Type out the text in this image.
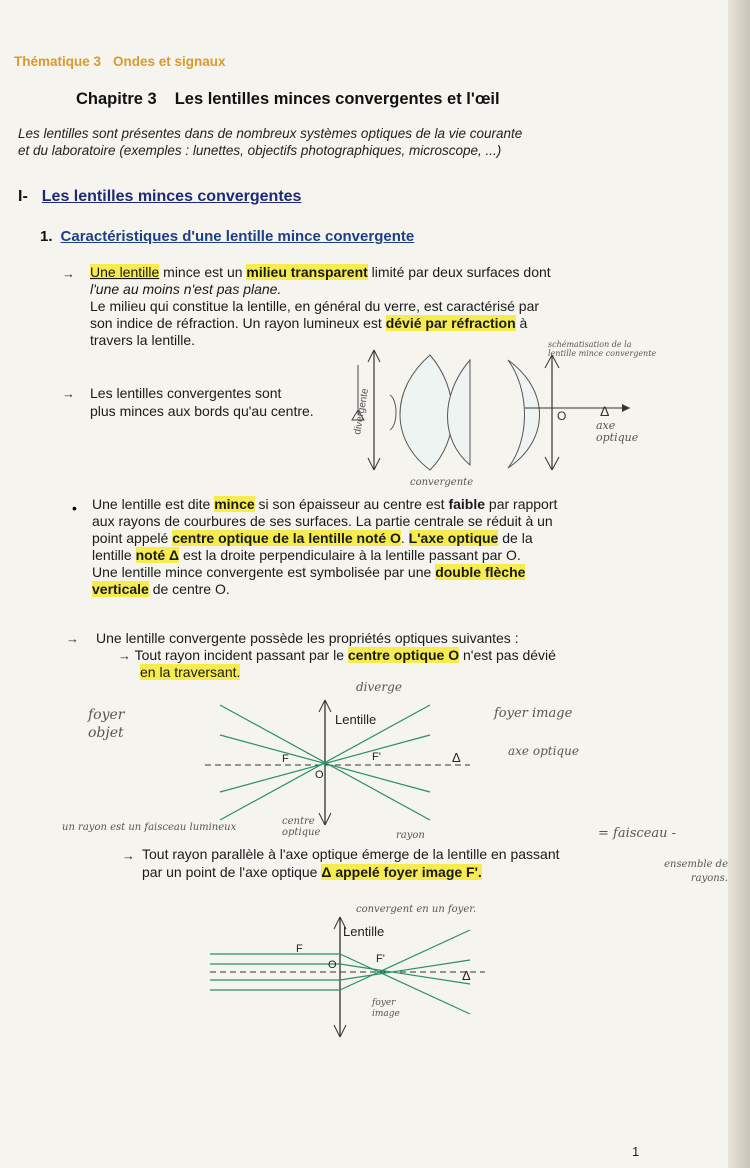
Thématique 3 Ondes et signaux
Chapitre 3 Les lentilles minces convergentes et l'œil
Les lentilles sont présentes dans de nombreux systèmes optiques de la vie courante
et du laboratoire (exemples : lunettes, objectifs photographiques, microscope, ...)
I- Les lentilles minces convergentes
1. Caractéristiques d'une lentille mince convergente
→ Une lentille mince est un milieu transparent limité par deux surfaces dont
l'une au moins n'est pas plane.
Le milieu qui constitue la lentille, en général du verre, est caractérisé par
son indice de réfraction. Un rayon lumineux est dévié par réfraction à
travers la lentille.
→ Les lentilles convergentes sont
plus minces aux bords qu'au centre.	divergente	O Δ
convergente
schématisation de la lentille mince convergente
axe optique
• Une lentille est dite mince si son épaisseur au centre est faible par rapport
aux rayons de courbures de ses surfaces. La partie centrale se réduit à un
point appelé centre optique de la lentille noté O. L'axe optique de la
lentille noté Δ est la droite perpendiculaire à la lentille passant par O.
Une lentille mince convergente est symbolisée par une double flèche
verticale de centre O.
→ Une lentille convergente possède les propriétés optiques suivantes :
→ Tout rayon incident passant par le centre optique O n'est pas dévié
en la traversant.
Lentille
F	F'
O
Δ
diverge
foyer objet
foyer image
axe optique
un rayon est un faisceau lumineux
centre optique	rayon	= faisceau -
→ Tout rayon parallèle à l'axe optique émerge de la lentille en passant
par un point de l'axe optique Δ appelé foyer image F'.	ensemble de rayons.
convergent en un foyer.
Lentille
F
F'
O
Δ
foyer image
1
